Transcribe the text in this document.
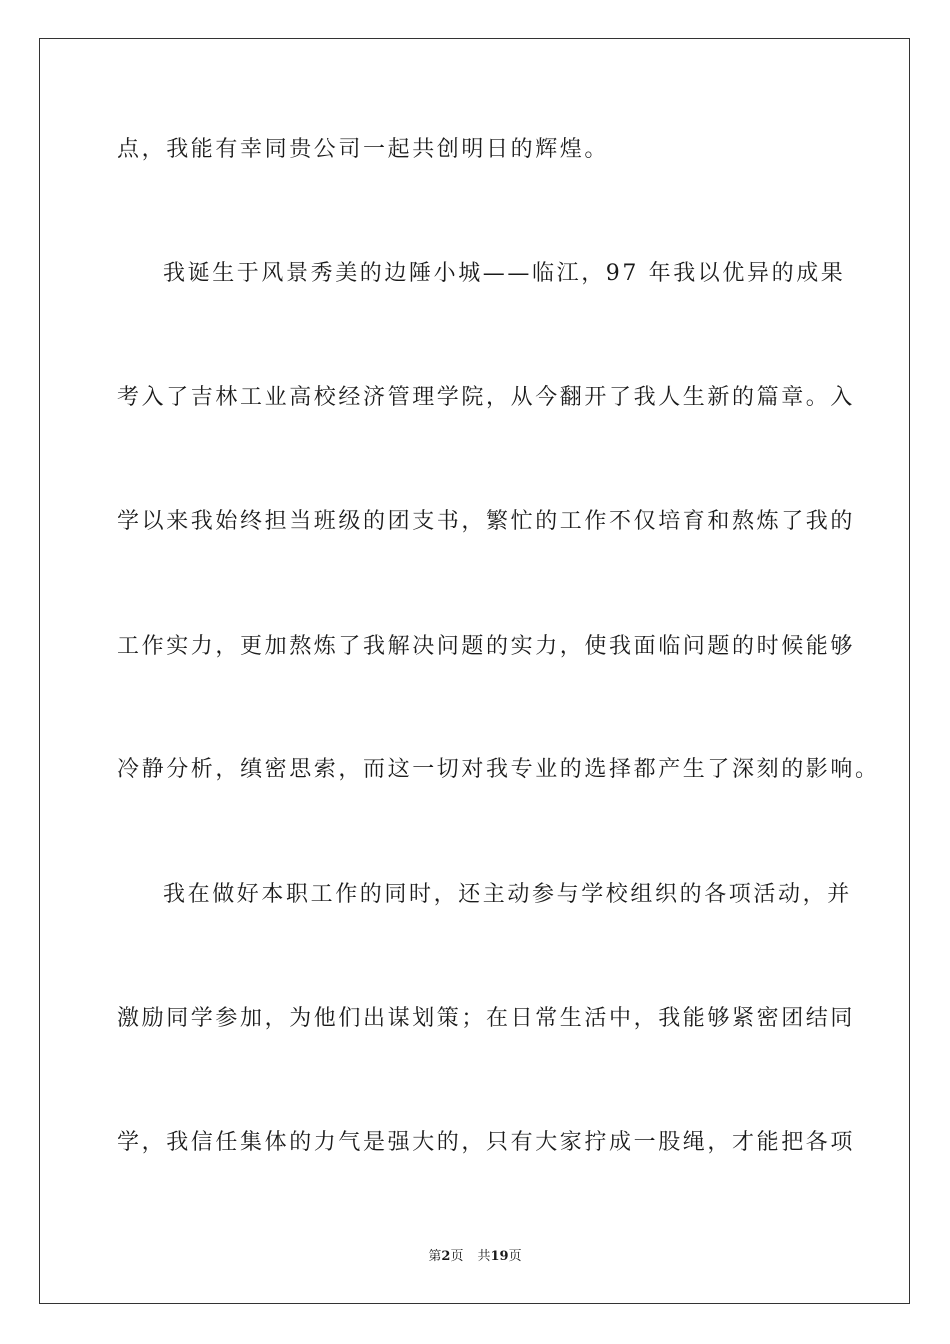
点，我能有幸同贵公司一起共创明日的辉煌。
我诞生于风景秀美的边陲小城——临江，97 年我以优异的成果
考入了吉林工业高校经济管理学院，从今翻开了我人生新的篇章。入
学以来我始终担当班级的团支书，繁忙的工作不仅培育和熬炼了我的
工作实力，更加熬炼了我解决问题的实力，使我面临问题的时候能够
冷静分析，缜密思索，而这一切对我专业的选择都产生了深刻的影响。
我在做好本职工作的同时，还主动参与学校组织的各项活动，并
激励同学参加，为他们出谋划策；在日常生活中，我能够紧密团结同
学，我信任集体的力气是强大的，只有大家拧成一股绳，才能把各项
第2页 共19页
